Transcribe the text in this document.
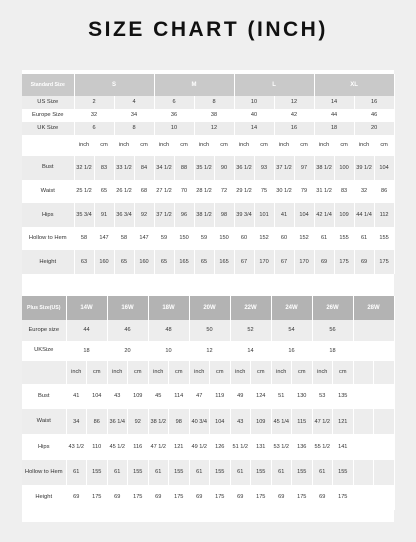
SIZE CHART (INCH)
Standard Size	S				M				L				XL			
US Size	2		4		6		8		10		12		14		16	
Europe Size	32		34		36		38		40		42		44		46	
UK Size	6		8		10		12		14		16		18		20	
	inch	cm	inch	cm	inch	cm	inch	cm	inch	cm	inch	cm	inch	cm	inch	cm
Bust	32 1/2	83	33 1/2	84	34 1/2	88	35 1/2	90	36 1/2	93	37 1/2	97	38 1/2	100	39 1/2	104
Waist	25 1/2	65	26 1/2	68	27 1/2	70	28 1/2	72	29 1/2	75	30 1/2	79	31 1/2	83	32	86
Hips	35 3/4	91	36 3/4	92	37 1/2	96	38 1/2	98	39 3/4	101	41	104	42 1/4	109	44 1/4	112
Hollow to Hem	58	147	58	147	59	150	59	150	60	152	60	152	61	155	61	155
Height	63	160	65	160	65	165	65	165	67	170	67	170	69	175	69	175
Plus Size(US)	14W		16W		18W		20W		22W		24W		26W		28W	
Europe size	44		46		48		50		52		54		56			
UKSize	18		20		10		12		14		16		18			
	inch	cm	inch	cm	inch	cm	inch	cm	inch	cm	inch	cm	inch	cm		
Bust	41	104	43	109	45	114	47	119	49	124	51	130	53	135		
Waist	34	86	36 1/4	92	38 1/2	98	40 3/4	104	43	109	45 1/4	115	47 1/2	121		
Hips	43 1/2	110	45 1/2	116	47 1/2	121	49 1/2	126	51 1/2	131	53 1/2	136	55 1/2	141		
Hollow to Hem	61	155	61	155	61	155	61	155	61	155	61	155	61	155		
Height	69	175	69	175	69	175	69	175	69	175	69	175	69	175		
